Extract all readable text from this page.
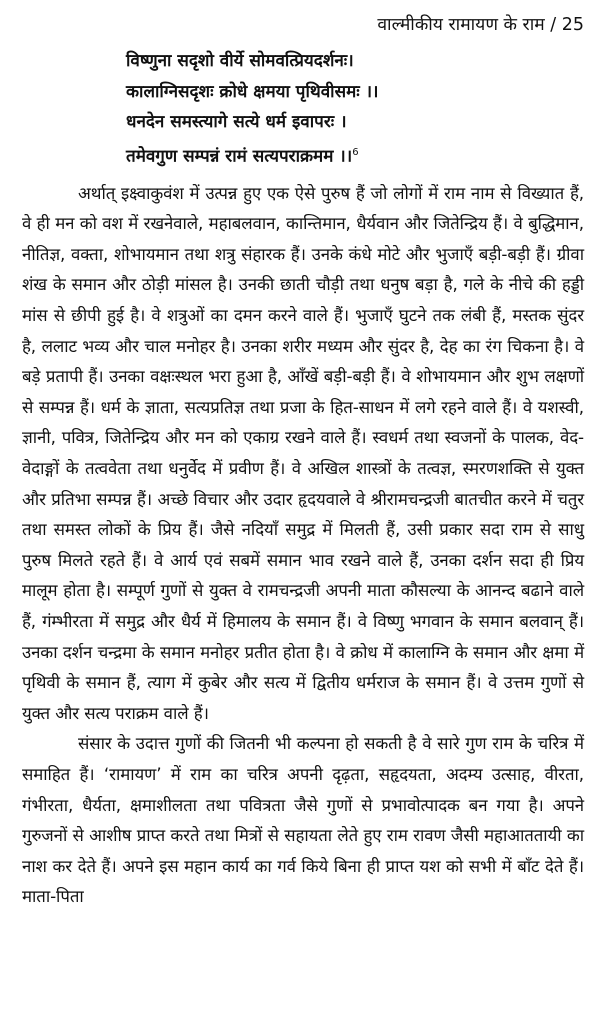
वाल्मीकीय रामायण के राम / 25
विष्णुना सदृशो वीर्ये सोमवत्प्रियदर्शनः।
कालाग्निसदृशः क्रोधे क्षमया पृथिवीसमः ।।
धनदेन समस्त्यागे सत्ये धर्म इवापरः ।
तमेवगुण सम्पन्नं रामं सत्यपराक्रमम ।।$^6$

अर्थात् इक्ष्वाकुवंश में उत्पन्न हुए एक ऐसे पुरुष हैं जो लोगों में राम नाम से विख्यात हैं, वे ही मन को वश में रखनेवाले, महाबलवान, कान्तिमान, धैर्यवान और जितेन्द्रिय हैं। वे बुद्धिमान, नीतिज्ञ, वक्ता, शोभायमान तथा शत्रु संहारक हैं। उनके कंधे मोटे और भुजाएँ बड़ी-बड़ी हैं। ग्रीवा शंख के समान और ठोड़ी मांसल है। उनकी छाती चौड़ी तथा धनुष बड़ा है, गले के नीचे की हड्डी मांस से छीपी हुई है। वे शत्रुओं का दमन करने वाले हैं। भुजाएँ घुटने तक लंबी हैं, मस्तक सुंदर है, ललाट भव्य और चाल मनोहर है। उनका शरीर मध्यम और सुंदर है, देह का रंग चिकना है। वे बड़े प्रतापी हैं। उनका वक्षःस्थल भरा हुआ है, आँखें बड़ी-बड़ी हैं। वे शोभायमान और शुभ लक्षणों से सम्पन्न हैं। धर्म के ज्ञाता, सत्यप्रतिज्ञ तथा प्रजा के हित-साधन में लगे रहने वाले हैं। वे यशस्वी, ज्ञानी, पवित्र, जितेन्द्रिय और मन को एकाग्र रखने वाले हैं। स्वधर्म तथा स्वजनों के पालक, वेद-वेदाङ्गों के तत्ववेता तथा धनुर्वेद में प्रवीण हैं। वे अखिल शास्त्रों के तत्वज्ञ, स्मरणशक्ति से युक्त और प्रतिभा सम्पन्न हैं। अच्छे विचार और उदार हृदयवाले वे श्रीरामचन्द्रजी बातचीत करने में चतुर तथा समस्त लोकों के प्रिय हैं। जैसे नदियाँ समुद्र में मिलती हैं, उसी प्रकार सदा राम से साधु पुरुष मिलते रहते हैं। वे आर्य एवं सबमें समान भाव रखने वाले हैं, उनका दर्शन सदा ही प्रिय मालूम होता है। सम्पूर्ण गुणों से युक्त वे रामचन्द्रजी अपनी माता कौसल्या के आनन्द बढाने वाले हैं, गंम्भीरता में समुद्र और धैर्य में हिमालय के समान हैं। वे विष्णु भगवान के समान बलवान् हैं। उनका दर्शन चन्द्रमा के समान मनोहर प्रतीत होता है। वे क्रोध में कालाग्नि के समान और क्षमा में पृथिवी के समान हैं, त्याग में कुबेर और सत्य में द्वितीय धर्मराज के समान हैं। वे उत्तम गुणों से युक्त और सत्य पराक्रम वाले हैं।

संसार के उदात्त गुणों की जितनी भी कल्पना हो सकती है वे सारे गुण राम के चरित्र में समाहित हैं। ‘रामायण’ में राम का चरित्र अपनी दृढ़ता, सहृदयता, अदम्य उत्साह, वीरता, गंभीरता, धैर्यता, क्षमाशीलता तथा पवित्रता जैसे गुणों से प्रभावोत्पादक बन गया है। अपने गुरुजनों से आशीष प्राप्त करते तथा मित्रों से सहायता लेते हुए राम रावण जैसी महाआततायी का नाश कर देते हैं। अपने इस महान कार्य का गर्व किये बिना ही प्राप्त यश को सभी में बाँट देते हैं। माता-पिता
